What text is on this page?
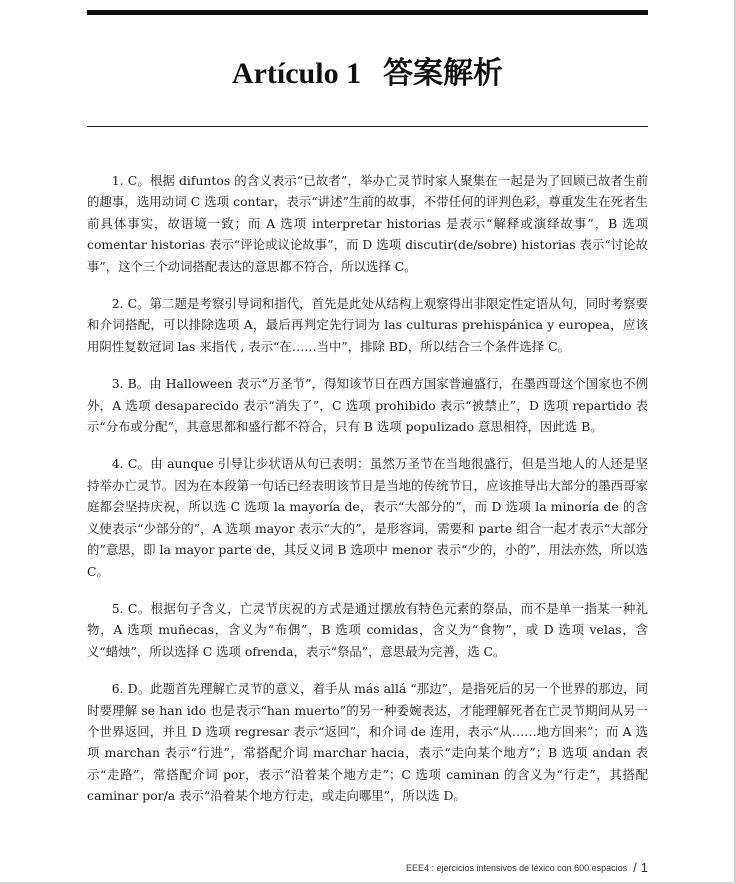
Artículo 1 答案解析

1. C。根据 difuntos 的含义表示“已故者”，举办亡灵节时家人聚集在一起是为了回顾已故者生前的趣事，选用动词 C 选项 contar，表示“讲述”生前的故事，不带任何的评判色彩，尊重发生在死者生前具体事实，故语境一致；而 A 选项 interpretar historias 是表示“解释或演绎故事”，B 选项 comentar historias 表示“评论或议论故事”，而 D 选项 discutir(de/sobre) historias 表示“讨论故事”，这个三个动词搭配表达的意思都不符合，所以选择 C。

2. C。第二题是考察引导词和指代，首先是此处从结构上观察得出非限定性定语从句，同时考察要和介词搭配，可以排除选项 A，最后再判定先行词为 las culturas prehispánica y europea，应该用阴性复数冠词 las 来指代 , 表示“在……当中”，排除 BD，所以结合三个条件选择 C。

3. B。由 Halloween 表示“万圣节”，得知该节日在西方国家普遍盛行，在墨西哥这个国家也不例外，A 选项 desaparecido 表示“消失了”，C 选项 prohibido 表示“被禁止”，D 选项 repartido 表示“分布或分配”，其意思都和盛行都不符合，只有 B 选项 populizado 意思相符，因此选 B。

4. C。由 aunque 引导让步状语从句已表明：虽然万圣节在当地很盛行，但是当地人的人还是坚持举办亡灵节。因为在本段第一句话已经表明该节日是当地的传统节日，应该推导出大部分的墨西哥家庭都会坚持庆祝，所以选 C 选项 la mayoría de，表示“大部分的”，而 D 选项 la minoría de 的含义使表示“少部分的”，A 选项 mayor 表示“大的”，是形容词，需要和 parte 组合一起才表示“大部分的”意思，即 la mayor parte de，其反义词 B 选项中 menor 表示“少的，小的”，用法亦然，所以选 C。

5. C。根据句子含义，亡灵节庆祝的方式是通过摆放有特色元素的祭品，而不是单一指某一种礼物，A 选项 muñecas，含义为“布偶”，B 选项 comidas，含义为“食物”，或 D 选项 velas，含义“蜡烛”，所以选择 C 选项 ofrenda，表示“祭品”，意思最为完善，选 C。

6. D。此题首先理解亡灵节的意义，着手从 más allá “那边”，是指死后的另一个世界的那边，同时要理解 se han ido 也是表示“han muerto”的另一种委婉表达，才能理解死者在亡灵节期间从另一个世界返回，并且 D 选项 regresar 表示“返回”，和介词 de 连用，表示“从……地方回来”；而 A 选项 marchan 表示“行进”，常搭配介词 marchar hacia，表示“走向某个地方”；B 选项 andan 表示“走路”，常搭配介词 por，表示“沿着某个地方走”；C 选项 caminan 的含义为“行走”，其搭配 caminar por/a 表示“沿着某个地方行走，或走向哪里”，所以选 D。

EEE4 : ejercicios intensivos de léxico con 600 espacios / 1
